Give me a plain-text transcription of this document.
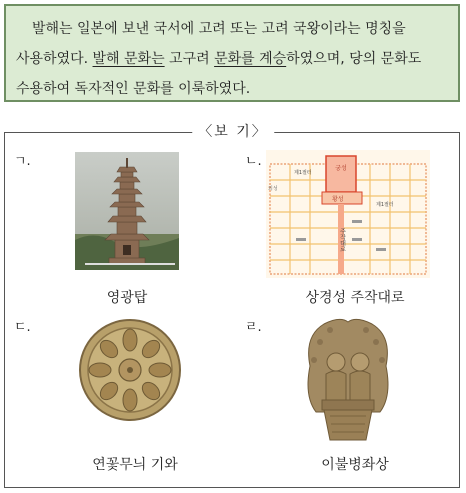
발해는 일본에 보낸 국서에 고려 또는 고려 국왕이라는 명칭을

사용하였다. 발해 문화는 고구려 문화를 계승하였으며, 당의 문화도

수용하여 독자적인 문화를 이룩하였다.

〈보 기〉
ㄱ.
영광탑
ㄴ.	궁성
황성
주작대로
외성
제1절터
제1절터
상경성 주작대로
ㄷ.
연꽃무늬 기와
ㄹ.
이불병좌상
